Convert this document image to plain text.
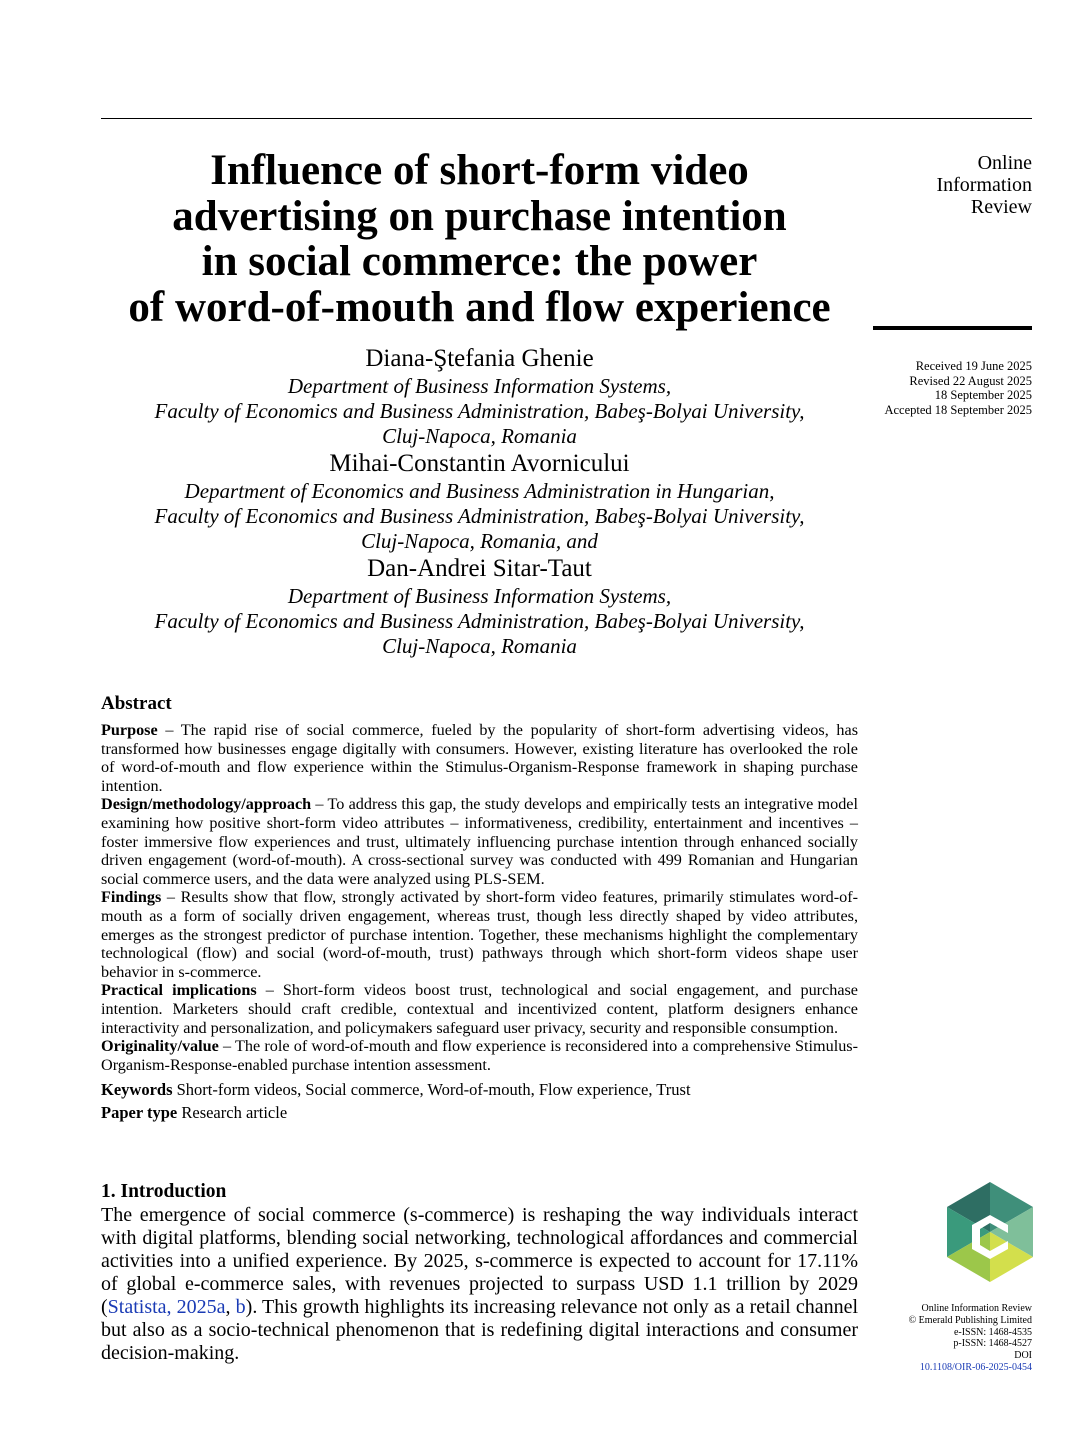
Influence of short-form video
advertising on purchase intention
in social commerce: the power
of word-of-mouth and flow experience
Online
Information
Review
Received 19 June 2025
Revised 22 August 2025
18 September 2025
Accepted 18 September 2025
Diana-Ştefania Ghenie
Department of Business Information Systems,
Faculty of Economics and Business Administration, Babeş-Bolyai University,
Cluj-Napoca, Romania
Mihai-Constantin Avornicului
Department of Economics and Business Administration in Hungarian,
Faculty of Economics and Business Administration, Babeş-Bolyai University,
Cluj-Napoca, Romania, and
Dan-Andrei Sitar-Taut
Department of Business Information Systems,
Faculty of Economics and Business Administration, Babeş-Bolyai University,
Cluj-Napoca, Romania

Abstract

Purpose – The rapid rise of social commerce, fueled by the popularity of short-form advertising videos, has transformed how businesses engage digitally with consumers. However, existing literature has overlooked the role of word-of-mouth and flow experience within the Stimulus-Organism-Response framework in shaping purchase intention.

Design/methodology/approach – To address this gap, the study develops and empirically tests an integrative model examining how positive short-form video attributes – informativeness, credibility, entertainment and incentives – foster immersive flow experiences and trust, ultimately influencing purchase intention through enhanced socially driven engagement (word-of-mouth). A cross-sectional survey was conducted with 499 Romanian and Hungarian social commerce users, and the data were analyzed using PLS-SEM.

Findings – Results show that flow, strongly activated by short-form video features, primarily stimulates word-of-mouth as a form of socially driven engagement, whereas trust, though less directly shaped by video attributes, emerges as the strongest predictor of purchase intention. Together, these mechanisms highlight the complementary technological (flow) and social (word-of-mouth, trust) pathways through which short-form videos shape user behavior in s-commerce.

Practical implications – Short-form videos boost trust, technological and social engagement, and purchase intention. Marketers should craft credible, contextual and incentivized content, platform designers enhance interactivity and personalization, and policymakers safeguard user privacy, security and responsible consumption.

Originality/value – The role of word-of-mouth and flow experience is reconsidered into a comprehensive Stimulus-Organism-Response-enabled purchase intention assessment.

Keywords Short-form videos, Social commerce, Word-of-mouth, Flow experience, Trust

Paper type Research article

1. Introduction

The emergence of social commerce (s-commerce) is reshaping the way individuals interact with digital platforms, blending social networking, technological affordances and commercial activities into a unified experience. By 2025, s-commerce is expected to account for 17.11% of global e-commerce sales, with revenues projected to surpass USD 1.1 trillion by 2029 (Statista, 2025a, b). This growth highlights its increasing relevance not only as a retail channel but also as a socio-technical phenomenon that is redefining digital interactions and consumer decision-making.

Online Information Review
© Emerald Publishing Limited
e-ISSN: 1468-4535
p-ISSN: 1468-4527
DOI
10.1108/OIR-06-2025-0454
